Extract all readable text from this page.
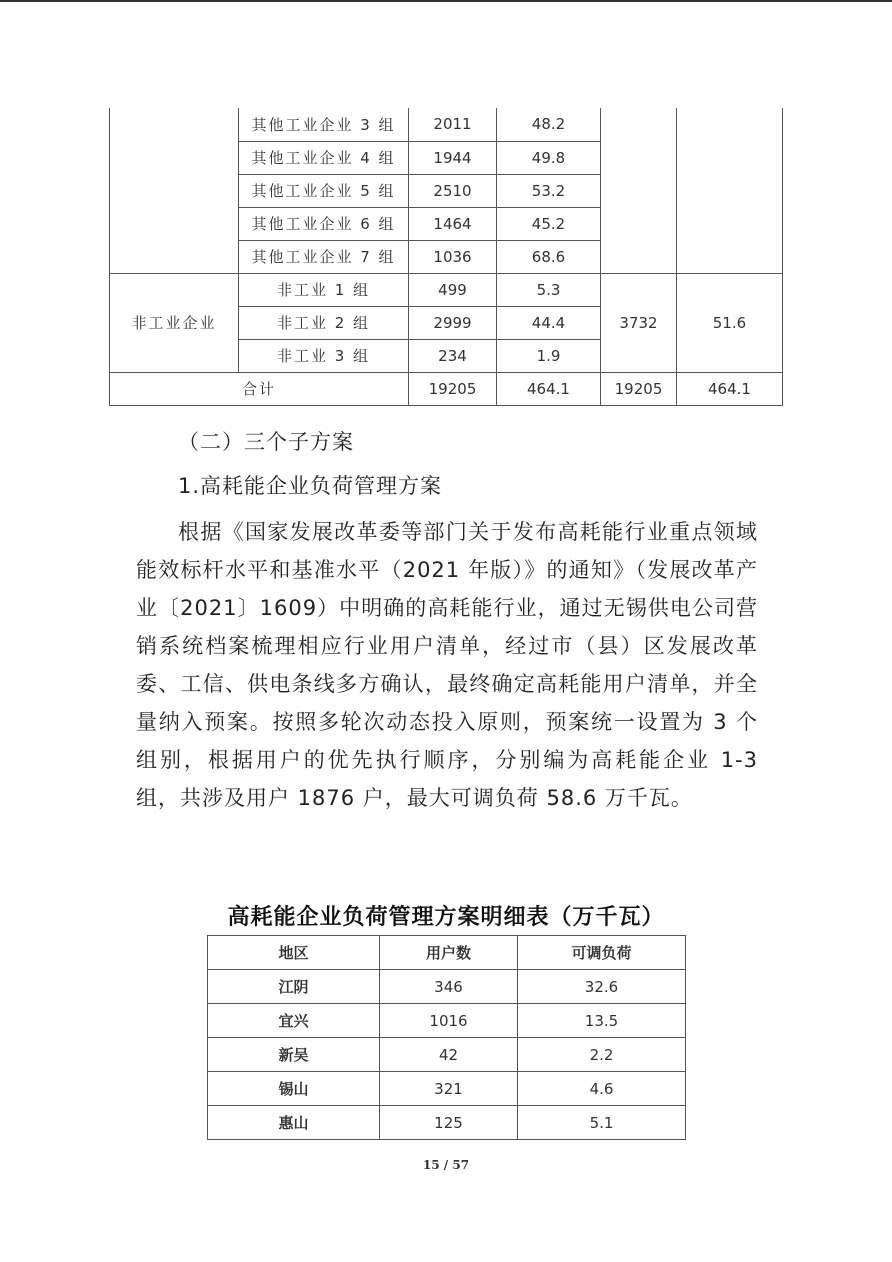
	其他工业企业 3 组	2011	48.2		
	其他工业企业 4 组	1944	49.8		
	其他工业企业 5 组	2510	53.2		
	其他工业企业 6 组	1464	45.2		
	其他工业企业 7 组	1036	68.6		
非工业企业	非工业 1 组	499	5.3	3732	51.6
	非工业 2 组	2999	44.4		
	非工业 3 组	234	1.9		
合计		19205	464.1	19205	464.1
（二）三个子方案
1.高耗能企业负荷管理方案
根据《国家发展改革委等部门关于发布高耗能行业重点领域能效标杆水平和基准水平（2021 年版）》的通知》（发展改革产业〔2021〕1609）中明确的高耗能行业，通过无锡供电公司营销系统档案梳理相应行业用户清单，经过市（县）区发展改革委、工信、供电条线多方确认，最终确定高耗能用户清单，并全量纳入预案。按照多轮次动态投入原则，预案统一设置为 3 个组别，根据用户的优先执行顺序，分别编为高耗能企业 1-3 组，共涉及用户 1876 户，最大可调负荷 58.6 万千瓦。
高耗能企业负荷管理方案明细表（万千瓦）
地区	用户数	可调负荷
江阴	346	32.6
宜兴	1016	13.5
新吴	42	2.2
锡山	321	4.6
惠山	125	5.1
15 / 57
